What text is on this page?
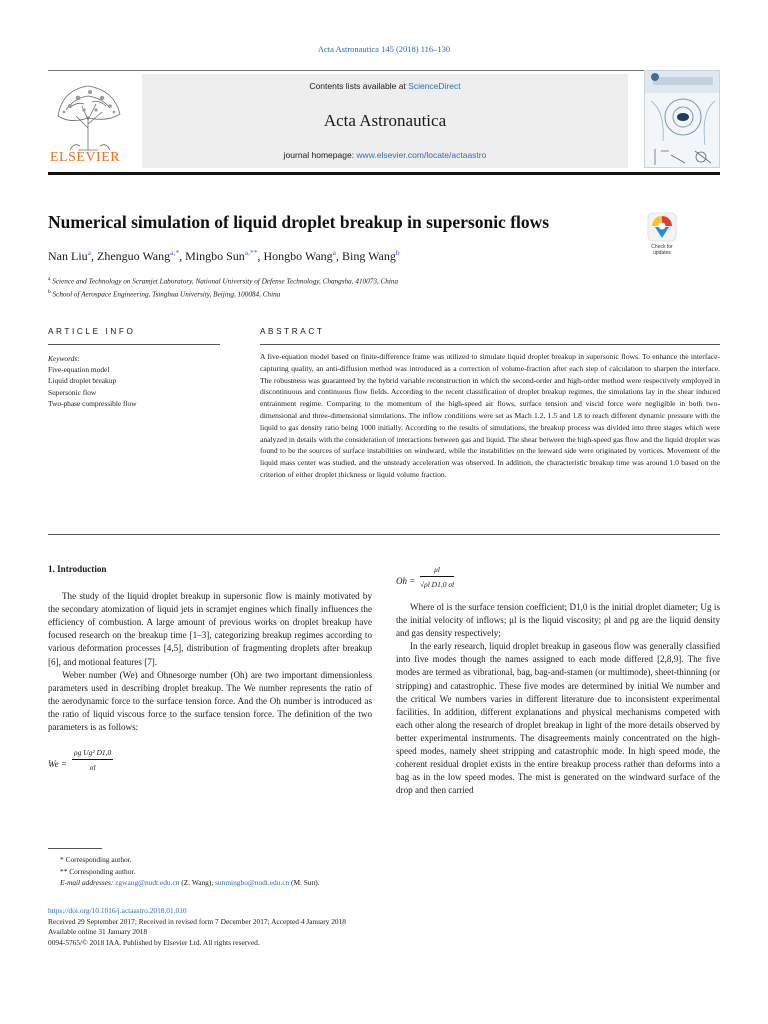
Acta Astronautica 145 (2018) 116–130
ELSEVIER
Contents lists available at ScienceDirect
Acta Astronautica
journal homepage: www.elsevier.com/locate/actaastro
Numerical simulation of liquid droplet breakup in supersonic flows
Check for updates
Nan Liu$^a$, Zhenguo Wang$^{a,*}$, Mingbo Sun$^{a,**}$, Hongbo Wang$^a$, Bing Wang$^b$
$^a$ Science and Technology on Scramjet Laboratory, National University of Defense Technology, Changsha, 410073, China
$^b$ School of Aerospace Engineering, Tsinghua University, Beijing, 100084, China
ARTICLE INFO	ABSTRACT
Keywords:
Five-equation model
Liquid droplet breakup
Supersonic flow
Two-phase compressible flow
A five-equation model based on finite-difference frame was utilized to simulate liquid droplet breakup in supersonic flows. To enhance the interface-capturing quality, an anti-diffusion method was introduced as a correction of volume-fraction after each step of calculation to sharpen the interface. The robustness was guaranteed by the hybrid variable reconstruction in which the second-order and high-order method were respectively employed in discontinuous and continuous flow fields. According to the recent classification of droplet breakup regimes, the simulations lay in the shear induced entrainment regime. Comparing to the momentum of the high-speed air flows, surface tension and viscid force were negligible in both two-dimensional and three-dimensional simulations. The inflow conditions were set as Mach 1.2, 1.5 and 1.8 to reach different dynamic pressure with the liquid to gas density ratio being 1000 initially. According to the results of simulations, the breakup process was divided into three stages which were analyzed in details with the consideration of interactions between gas and liquid. The shear between the high-speed gas flow and the liquid droplet was found to be the sources of surface instabilities on windward, while the instabilities on the leeward side were originated by vortices. Movement of the liquid mass center was studied, and the unsteady acceleration was observed. In addition, the characteristic breakup time was around 1.0 based on the criterion of either droplet thickness or liquid volume fraction.
1. Introduction

The study of the liquid droplet breakup in supersonic flow is mainly motivated by the secondary atomization of liquid jets in scramjet engines which finally influences the efficiency of combustion. A large amount of previous works on droplet breakup have focused research on the breakup time [1–3], categorizing breakup regimes according to various deformation processes [4,5], distribution of fragmenting droplets after breakup [6], and motional features [7].

Weber number (We) and Ohnesorge number (Oh) are two important dimensionless parameters used in describing droplet breakup. The We number represents the ratio of the aerodynamic force to the surface tension force. And the Oh number is introduced as the ratio of liquid viscous force to the surface tension force. The definition of the two parameters is as follows:

$We = \frac{\text{ρg Ug² D1,0}}{\sigma l}$
$Oh = \frac{\mu l}{\text{√ρl D1,0 σl}}$

Where σl is the surface tension coefficient; D1,0 is the initial droplet diameter; Ug is the initial velocity of inflows; μl is the liquid viscosity; ρl and ρg are the liquid density and gas density respectively;

In the early research, liquid droplet breakup in gaseous flow was generally classified into five modes though the names assigned to each mode differed [2,8,9]. The five modes are termed as vibrational, bag, bag-and-stamen (or multimode), sheet-thinning (or stripping) and catastrophic. These five modes are determined by initial We number and the critical We numbers varies in different literature due to inconsistent experimental facilities. In addition, different explanations and physical mechanisms competed with each other along the research of droplet breakup in light of the more details observed by better experimental instruments. The disagreements mainly concentrated on the high-speed modes, namely sheet stripping and catastrophic mode. In high speed mode, the coherent residual droplet exists in the entire breakup process rather than deforms into a bag as in the low speed modes. The mist is generated on the windward surface of the drop and then carried

* Corresponding author.
** Corresponding author.
E-mail addresses: zgwang@nudt.edu.cn (Z. Wang), sunmingbo@nudt.edu.cn (M. Sun).
https://doi.org/10.1016/j.actaastro.2018.01.010
Received 29 September 2017; Received in revised form 7 December 2017; Accepted 4 January 2018
Available online 31 January 2018
0094-5765/© 2018 IAA. Published by Elsevier Ltd. All rights reserved.
